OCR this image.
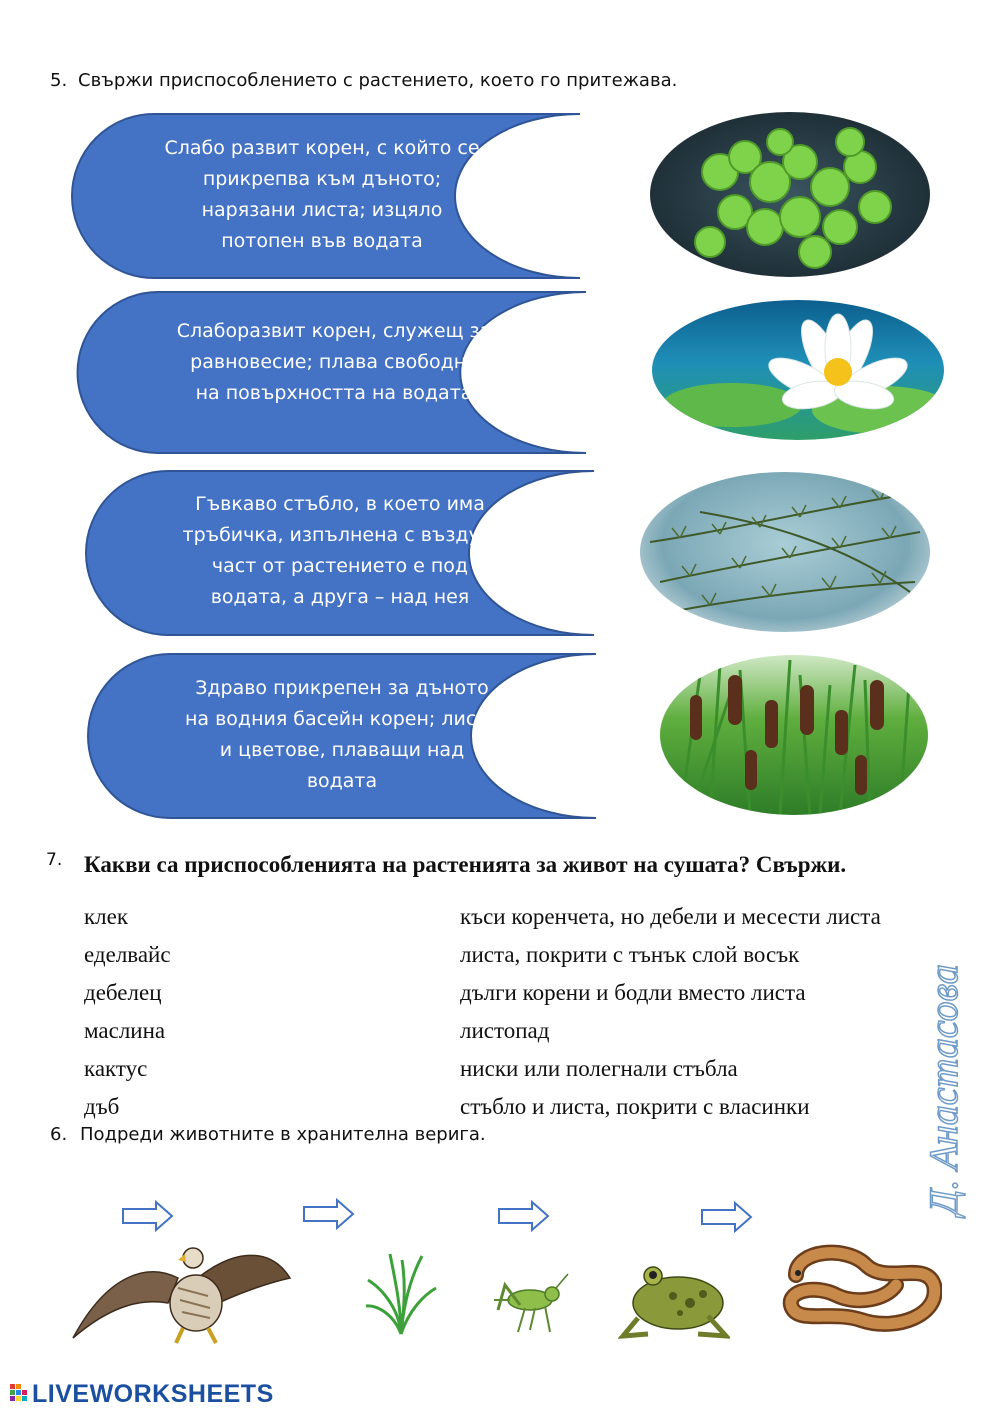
5. Свържи приспособлението с растението, което го притежава.
Слабо развит корен, с който се
прикрепва към дъното;
нарязани листа; изцяло
потопен във водата
Слаборазвит корен, служещ за
равновесие; плава свободно
на повърхността на водата
Гъвкаво стъбло, в което има
тръбичка, изпълнена с въздух;
част от растението е под
водата, а друга – над нея
Здраво прикрепен за дъното
на водния басейн корен; листа
и цветове, плаващи над
водата
7. Какви са приспособленията на растенията за живот на сушата? Свържи.
клек
еделвайс
дебелец
маслина
кактус
дъб
къси коренчета, но дебели и месести листа
листа, покрити с тънък слой восък
дълги корени и бодли вместо листа
листопад
ниски или полегнали стъбла
стъбло и листа, покрити с власинки	Д. Анастасова
6. Подреди животните в хранителна верига.
LIVEWORKSHEETS
